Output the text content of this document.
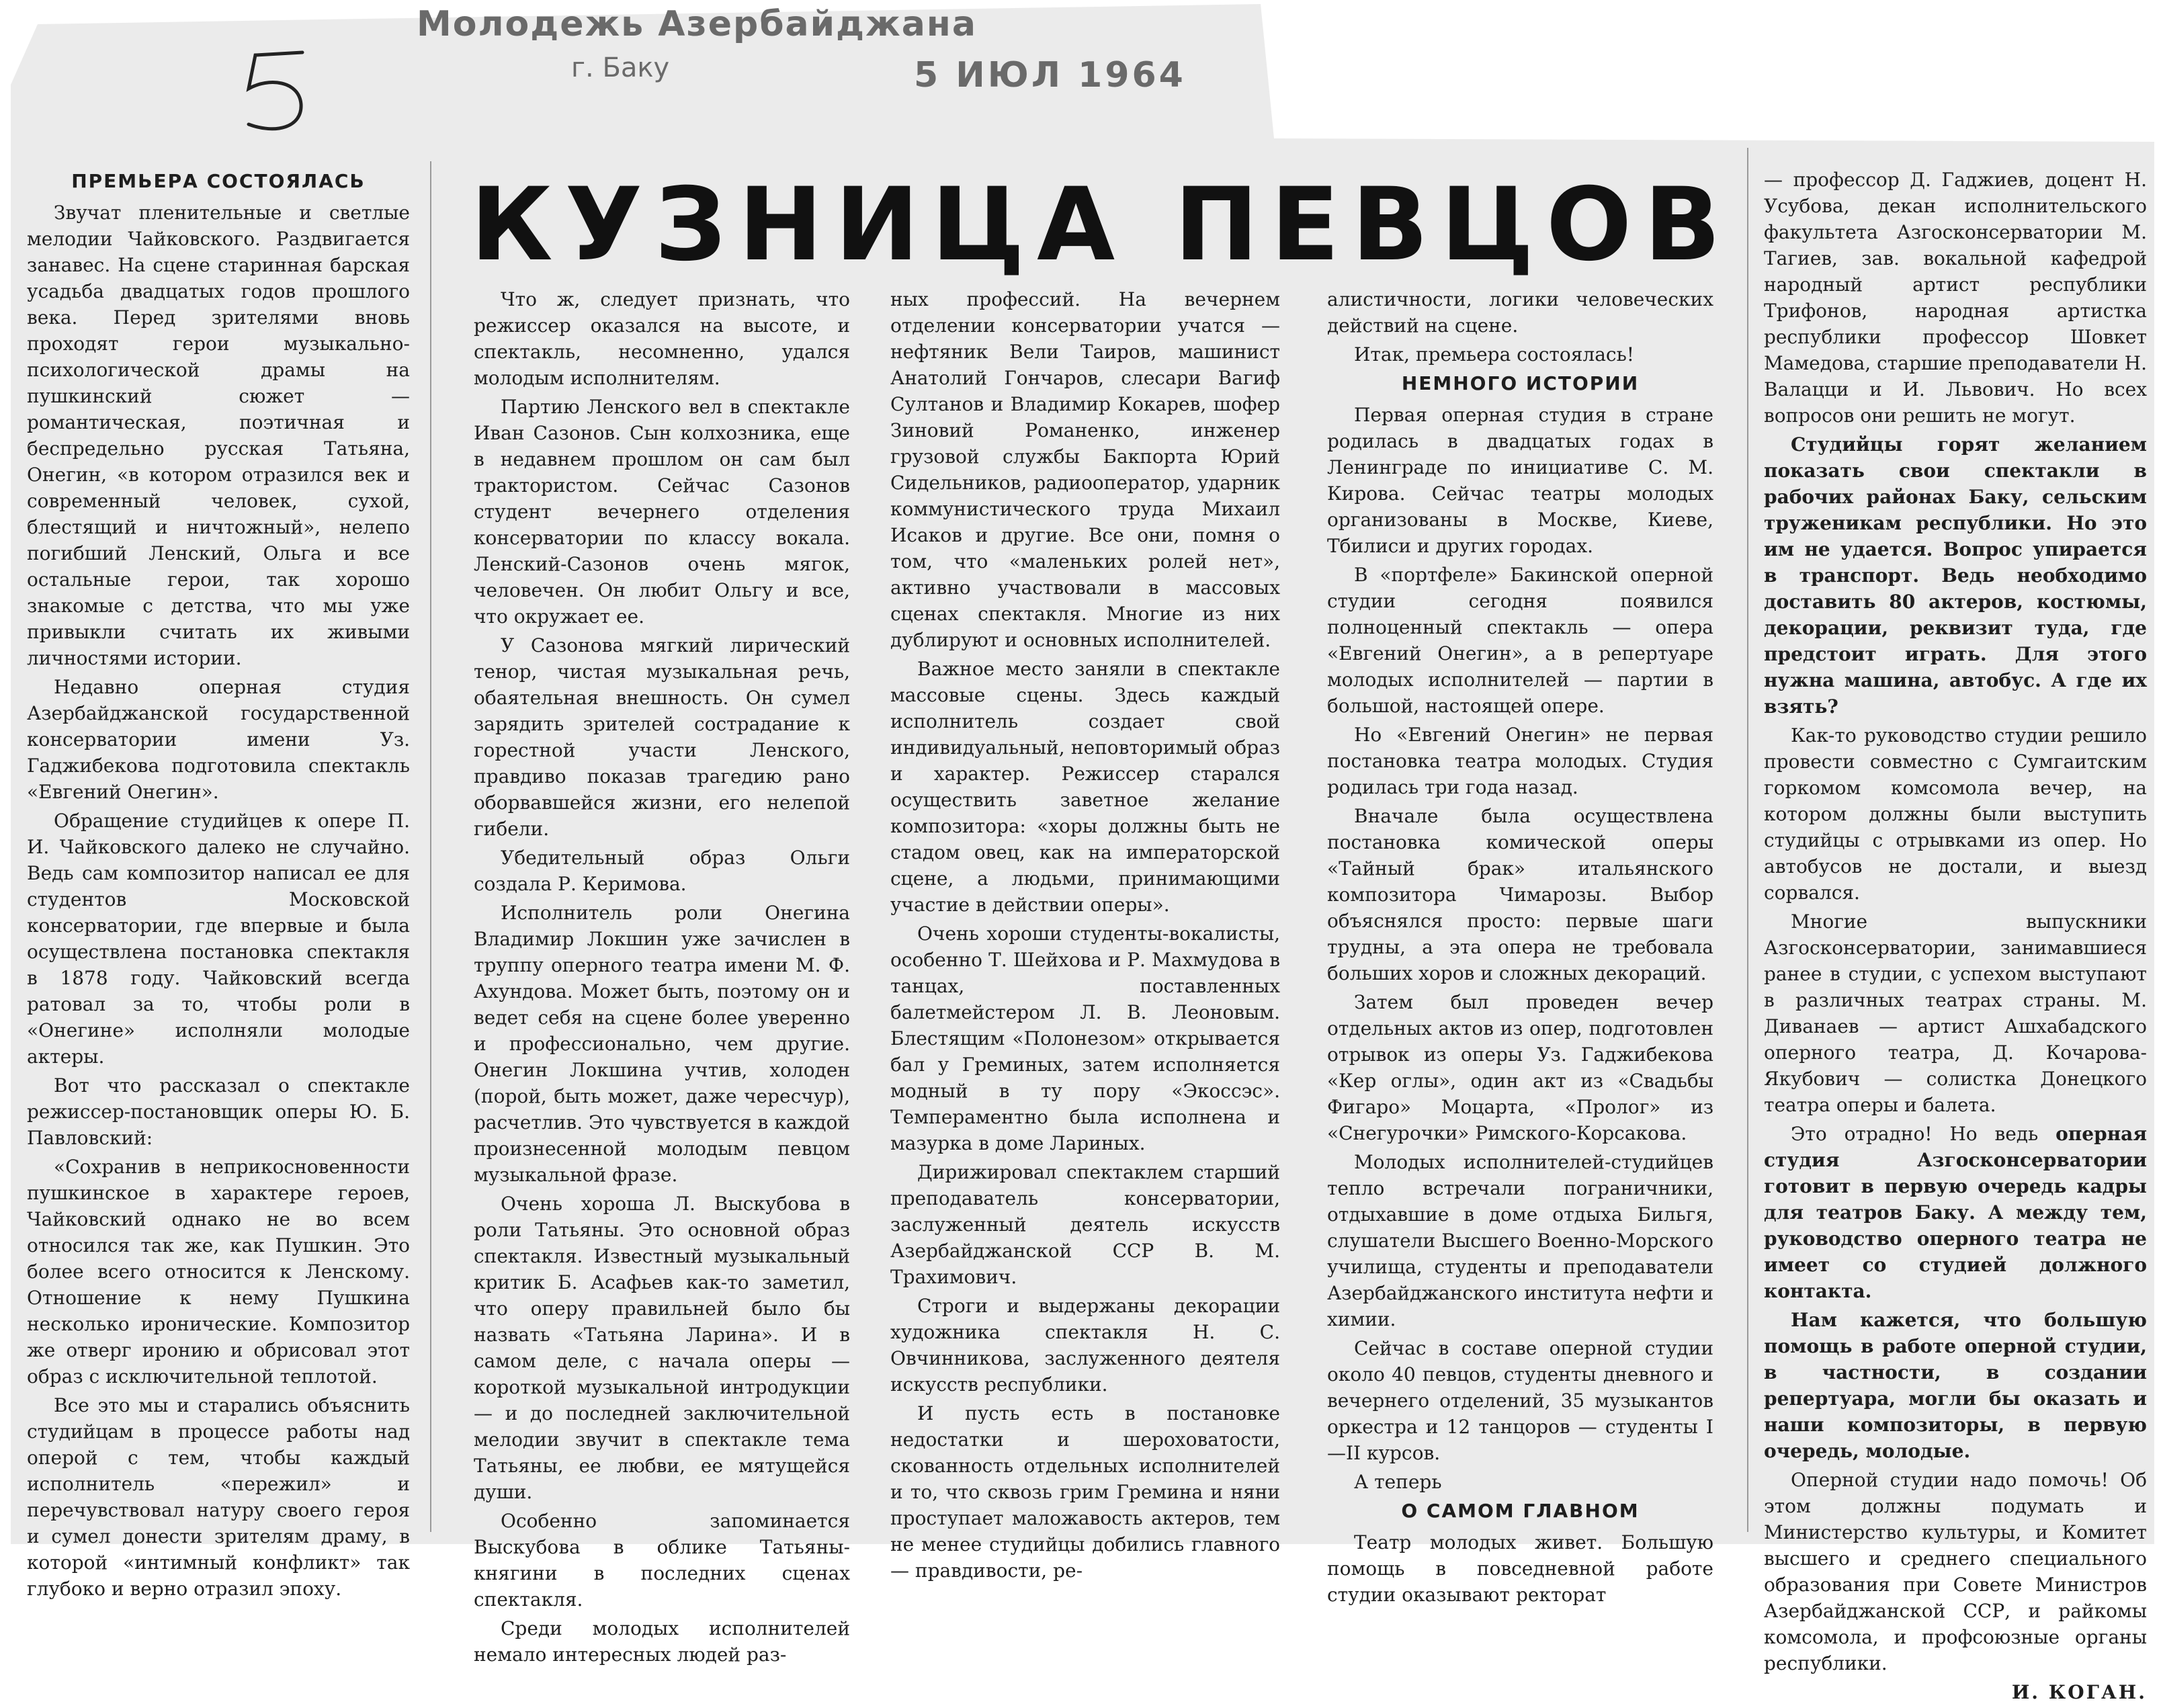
Молодежь Азербайджана
г. Баку	5 ИЮЛ 1964
КУЗНИЦА ПЕВЦОВ
ПРЕМЬЕРА СОСТОЯЛАСЬ

Звучат пленительные и светлые мелодии Чайковского. Раздвигается занавес. На сцене старинная барская усадьба двадцатых годов прошлого века. Перед зрителями вновь проходят герои музыкально-психологической драмы на пушкинский сюжет — романтическая, поэтичная и беспредельно русская Татьяна, Онегин, «в котором отразился век и современный человек, сухой, блестящий и ничтожный», нелепо погибший Ленский, Ольга и все остальные герои, так хорошо знакомые с детства, что мы уже привыкли считать их живыми личностями истории.

Недавно оперная студия Азербайджанской государственной консерватории имени Уз. Гаджибекова подготовила спектакль «Евгений Онегин».

Обращение студийцев к опере П. И. Чайковского далеко не случайно. Ведь сам композитор написал ее для студентов Московской консерватории, где впервые и была осуществлена постановка спектакля в 1878 году. Чайковский всегда ратовал за то, чтобы роли в «Онегине» исполняли молодые актеры.

Вот что рассказал о спектакле режиссер-постановщик оперы Ю. Б. Павловский:

«Сохранив в неприкосновенности пушкинское в характере героев, Чайковский однако не во всем относился так же, как Пушкин. Это более всего относится к Ленскому. Отношение к нему Пушкина несколько иронические. Композитор же отверг иронию и обрисовал этот образ с исключительной теплотой.

Все это мы и старались объяснить студийцам в процессе работы над оперой с тем, чтобы каждый исполнитель «пережил» и перечувствовал натуру своего героя и сумел донести зрителям драму, в которой «интимный конфликт» так глубоко и верно отразил эпоху.

Что ж, следует признать, что режиссер оказался на высоте, и спектакль, несомненно, удался молодым исполнителям.

Партию Ленского вел в спектакле Иван Сазонов. Сын колхозника, еще в недавнем прошлом он сам был трактористом. Сейчас Сазонов студент вечернего отделения консерватории по классу вокала. Ленский-Сазонов очень мягок, человечен. Он любит Ольгу и все, что окружает ее.

У Сазонова мягкий лирический тенор, чистая музыкальная речь, обаятельная внешность. Он сумел зарядить зрителей сострадание к горестной участи Ленского, правдиво показав трагедию рано оборвавшейся жизни, его нелепой гибели.

Убедительный образ Ольги создала Р. Керимова.

Исполнитель роли Онегина Владимир Локшин уже зачислен в труппу оперного театра имени М. Ф. Ахундова. Может быть, поэтому он и ведет себя на сцене более уверенно и профессионально, чем другие. Онегин Локшина учтив, холоден (порой, быть может, даже чересчур), расчетлив. Это чувствуется в каждой произнесенной молодым певцом музыкальной фразе.

Очень хороша Л. Выскубова в роли Татьяны. Это основной образ спектакля. Известный музыкальный критик Б. Асафьев как-то заметил, что оперу правильней было бы назвать «Татьяна Ларина». И в самом деле, с начала оперы — короткой музыкальной интродукции — и до последней заключительной мелодии звучит в спектакле тема Татьяны, ее любви, ее мятущейся души.

Особенно запоминается Выскубова в облике Татьяны-княгини в последних сценах спектакля.

Среди молодых исполнителей немало интересных людей раз-

ных профессий. На вечернем отделении консерватории учатся — нефтяник Вели Таиров, машинист Анатолий Гончаров, слесари Вагиф Султанов и Владимир Кокарев, шофер Зиновий Романенко, инженер грузовой службы Бакпорта Юрий Сидельников, радиооператор, ударник коммунистического труда Михаил Исаков и другие. Все они, помня о том, что «маленьких ролей нет», активно участвовали в массовых сценах спектакля. Многие из них дублируют и основных исполнителей.

Важное место заняли в спектакле массовые сцены. Здесь каждый исполнитель создает свой индивидуальный, неповторимый образ и характер. Режиссер старался осуществить заветное желание композитора: «хоры должны быть не стадом овец, как на императорской сцене, а людьми, принимающими участие в действии оперы».

Очень хороши студенты-вокалисты, особенно Т. Шейхова и Р. Махмудова в танцах, поставленных балетмейстером Л. В. Леоновым. Блестящим «Полонезом» открывается бал у Греминых, затем исполняется модный в ту пору «Экоссэс». Темпераментно была исполнена и мазурка в доме Лариных.

Дирижировал спектаклем старший преподаватель консерватории, заслуженный деятель искусств Азербайджанской ССР В. М. Трахимович.

Строги и выдержаны декорации художника спектакля Н. С. Овчинникова, заслуженного деятеля искусств республики.

И пусть есть в постановке недостатки и шероховатости, скованность отдельных исполнителей и то, что сквозь грим Гремина и няни проступает маложавость актеров, тем не менее студийцы добились главного — правдивости, ре-

алистичности, логики человеческих действий на сцене.

Итак, премьера состоялась!

НЕМНОГО ИСТОРИИ

Первая оперная студия в стране родилась в двадцатых годах в Ленинграде по инициативе С. М. Кирова. Сейчас театры молодых организованы в Москве, Киеве, Тбилиси и других городах.

В «портфеле» Бакинской оперной студии сегодня появился полноценный спектакль — опера «Евгений Онегин», а в репертуаре молодых исполнителей — партии в большой, настоящей опере.

Но «Евгений Онегин» не первая постановка театра молодых. Студия родилась три года назад.

Вначале была осуществлена постановка комической оперы «Тайный брак» итальянского композитора Чимарозы. Выбор объяснялся просто: первые шаги трудны, а эта опера не требовала больших хоров и сложных декораций.

Затем был проведен вечер отдельных актов из опер, подготовлен отрывок из оперы Уз. Гаджибекова «Кер оглы», один акт из «Свадьбы Фигаро» Моцарта, «Пролог» из «Снегурочки» Римского-Корсакова.

Молодых исполнителей-студийцев тепло встречали пограничники, отдыхавшие в доме отдыха Бильгя, слушатели Высшего Военно-Морского училища, студенты и преподаватели Азербайджанского института нефти и химии.

Сейчас в составе оперной студии около 40 певцов, студенты дневного и вечернего отделений, 35 музыкантов оркестра и 12 танцоров — студенты I—II курсов.

А теперь

О САМОМ ГЛАВНОМ

Театр молодых живет. Большую помощь в повседневной работе студии оказывают ректорат

— профессор Д. Гаджиев, доцент Н. Усубова, декан исполнительского факультета Азгосконсерватории М. Тагиев, зав. вокальной кафедрой народный артист республики Трифонов, народная артистка республики профессор Шовкет Мамедова, старшие преподаватели Н. Валацци и И. Львович. Но всех вопросов они решить не могут.

Студийцы горят желанием показать свои спектакли в рабочих районах Баку, сельским труженикам республики. Но это им не удается. Вопрос упирается в транспорт. Ведь необходимо доставить 80 актеров, костюмы, декорации, реквизит туда, где предстоит играть. Для этого нужна машина, автобус. А где их взять?

Как-то руководство студии решило провести совместно с Сумгаитским горкомом комсомола вечер, на котором должны были выступить студийцы с отрывками из опер. Но автобусов не достали, и выезд сорвался.

Многие выпускники Азгосконсерватории, занимавшиеся ранее в студии, с успехом выступают в различных театрах страны. М. Диванаев — артист Ашхабадского оперного театра, Д. Кочарова-Якубович — солистка Донецкого театра оперы и балета.

Это отрадно! Но ведь оперная студия Азгосконсерватории готовит в первую очередь кадры для театров Баку. А между тем, руководство оперного театра не имеет со студией должного контакта.

Нам кажется, что большую помощь в работе оперной студии, в частности, в создании репертуара, могли бы оказать и наши композиторы, в первую очередь, молодые.

Оперной студии надо помочь! Об этом должны подумать и Министерство культуры, и Комитет высшего и среднего специального образования при Совете Министров Азербайджанской ССР, и райкомы комсомола, и профсоюзные органы республики.

И. КОГАН.
